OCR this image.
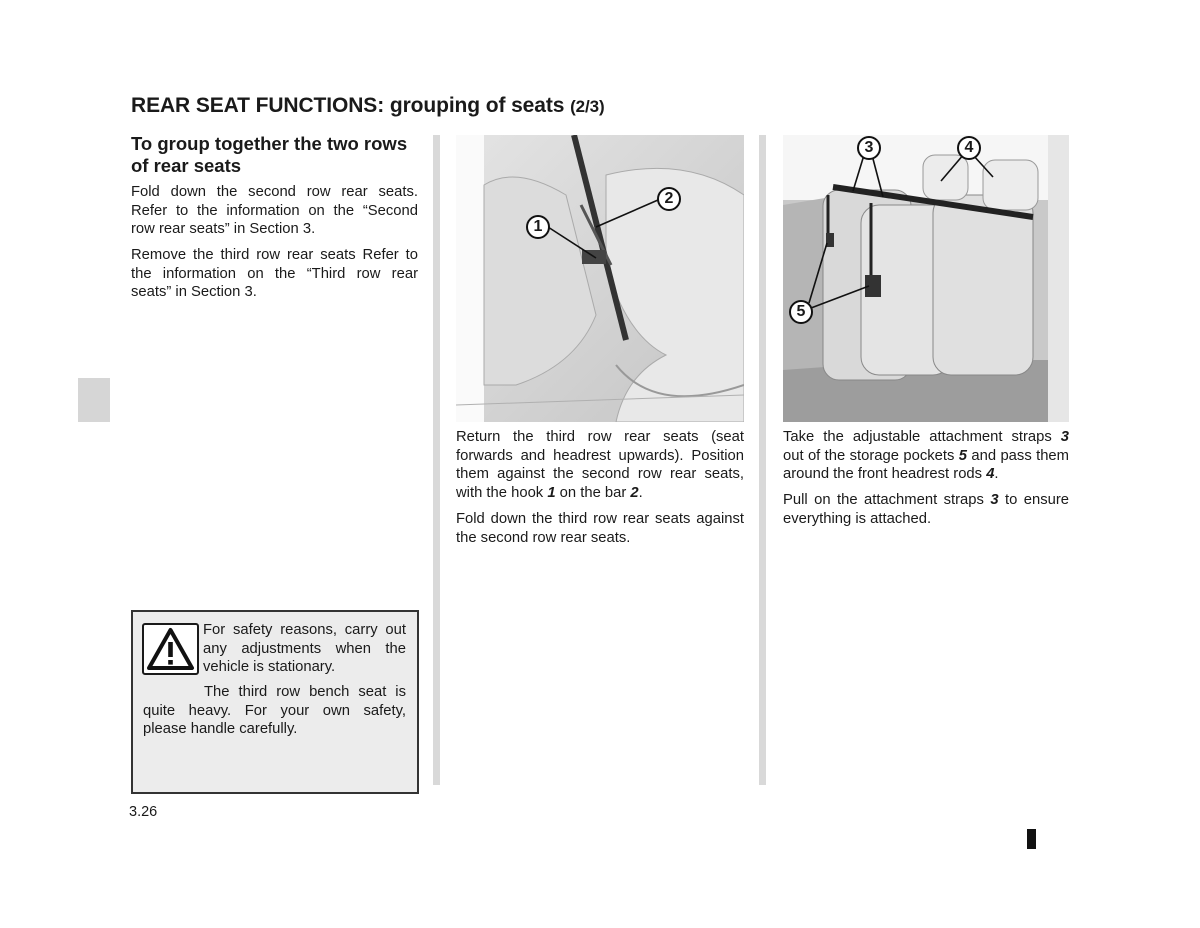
REAR SEAT FUNCTIONS: grouping of seats (2/3)
To group together the two rows of rear seats
Fold down the second row rear seats. Refer to the information on the “Second row rear seats” in Section 3.
Remove the third row rear seats Refer to the information on the “Third row rear seats” in Section 3.
For safety reasons, carry out any adjustments when the vehicle is stationary.
The third row bench seat is quite heavy. For your own safety, please handle carefully.
1
2
Return the third row rear seats (seat forwards and headrest upwards). Position them against the second row rear seats, with the hook 1 on the bar 2.
Fold down the third row rear seats against the second row rear seats.
3	4
5
Take the adjustable attachment straps 3 out of the storage pockets 5 and pass them around the front headrest rods 4.
Pull on the attachment straps 3 to ensure everything is attached.
3.26
